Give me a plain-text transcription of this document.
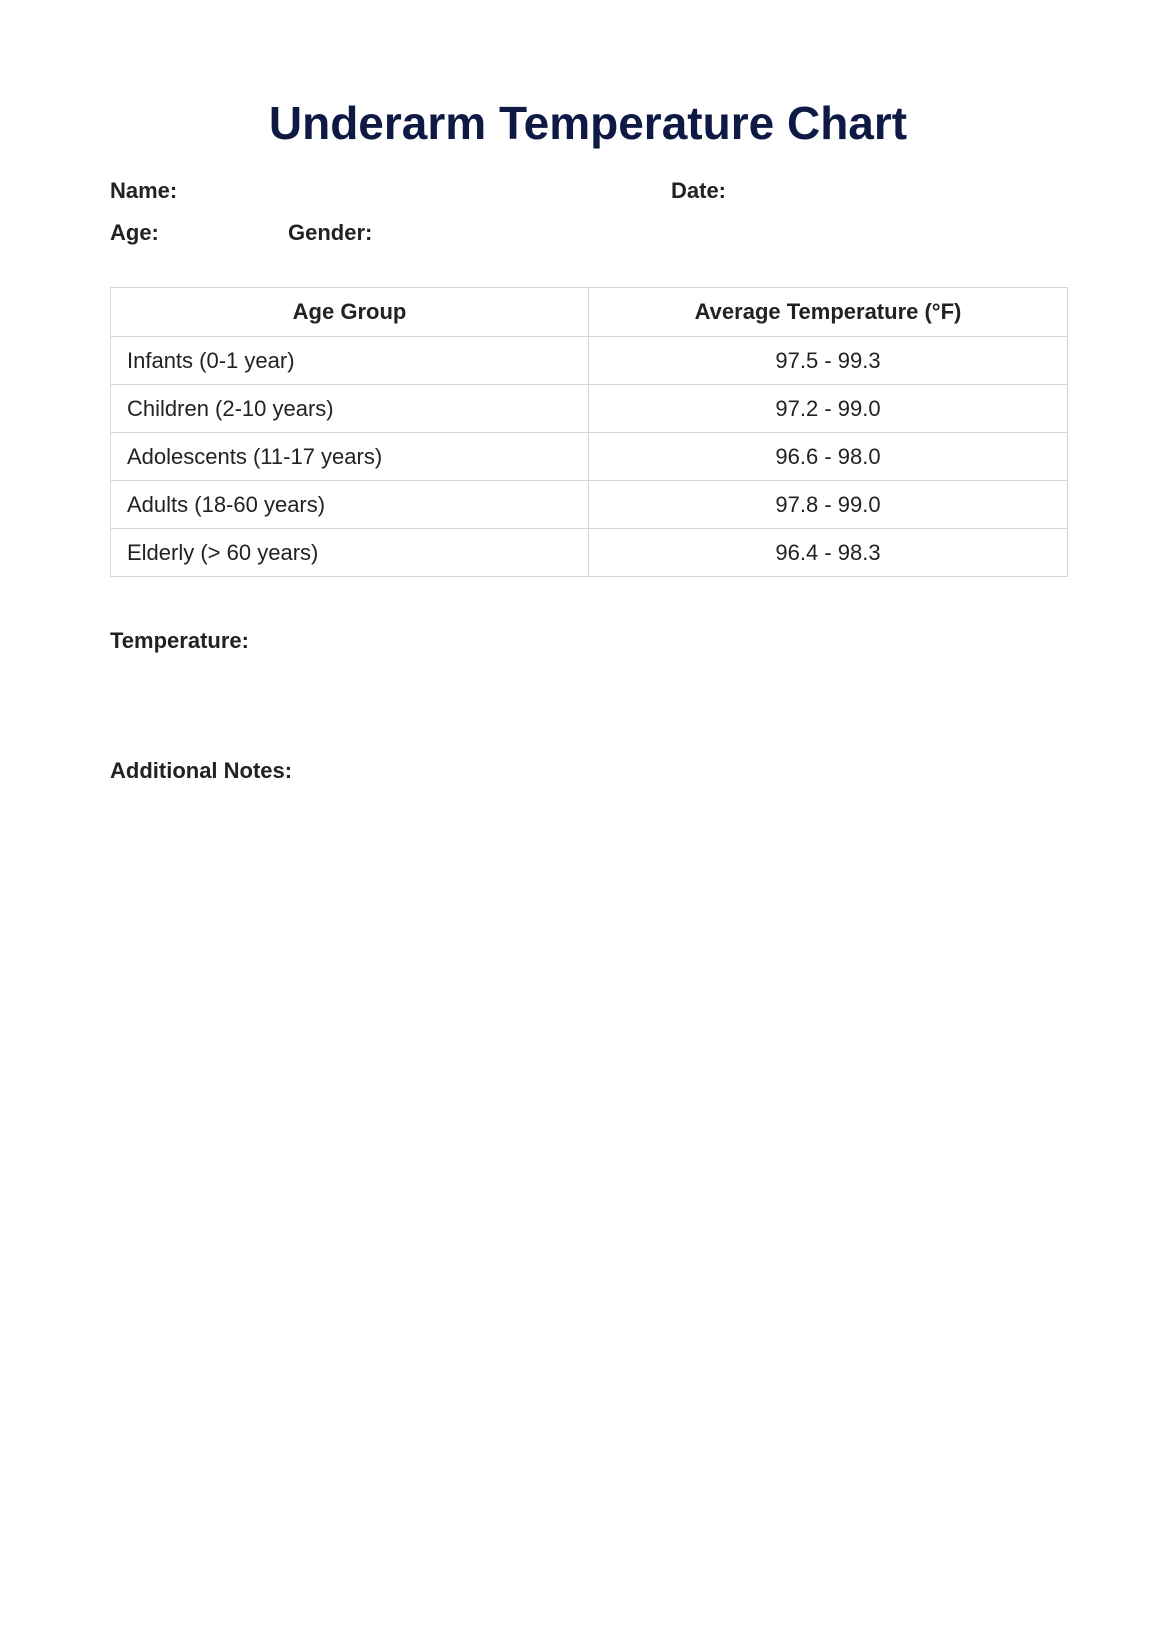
Underarm Temperature Chart
Name:	Date:
Age:	Gender:
Age Group	Average Temperature (°F)
Infants (0-1 year)	97.5 - 99.3
Children (2-10 years)	97.2 - 99.0
Adolescents (11-17 years)	96.6 - 98.0
Adults (18-60 years)	97.8 - 99.0
Elderly (> 60 years)	96.4 - 98.3
Temperature:
Additional Notes:
